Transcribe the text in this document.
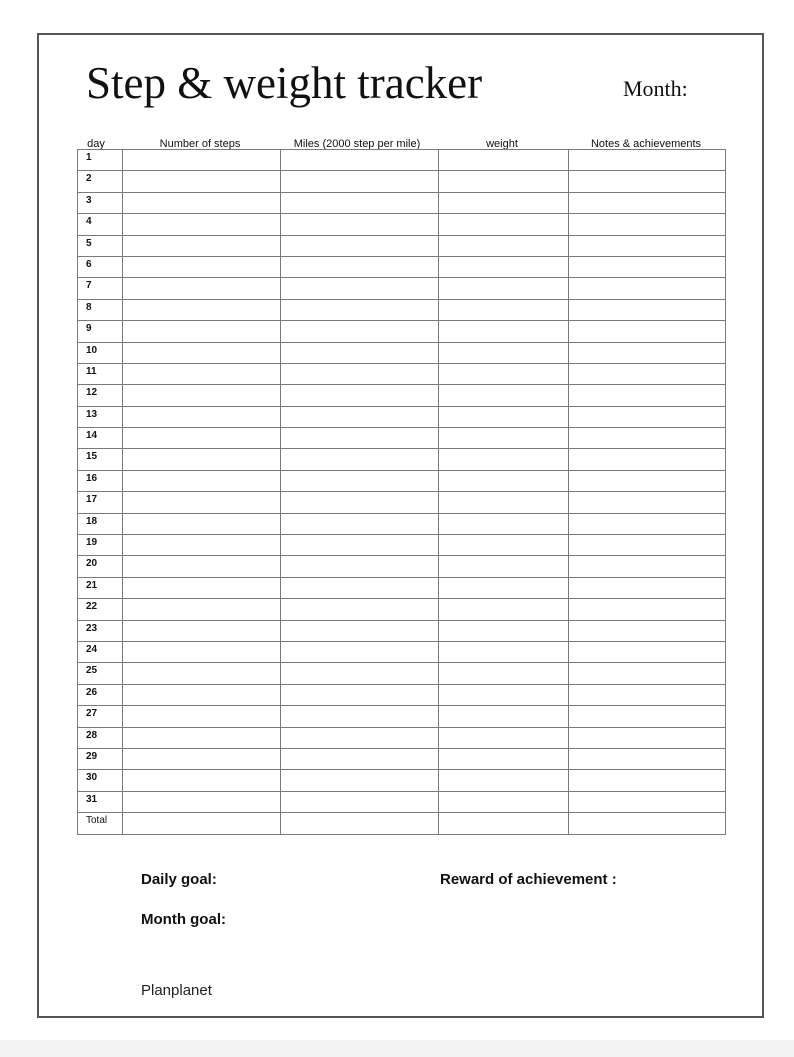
Step & weight tracker	Month:
day	Number of steps	Miles (2000 step per mile)	weight	Notes & achievements
1				
2				
3				
4				
5				
6				
7				
8				
9				
10				
11				
12				
13				
14				
15				
16				
17				
18				
19				
20				
21				
22				
23				
24				
25				
26				
27				
28				
29				
30				
31				
Total				
Daily goal:	Reward of achievement :
Month goal:
Planplanet
